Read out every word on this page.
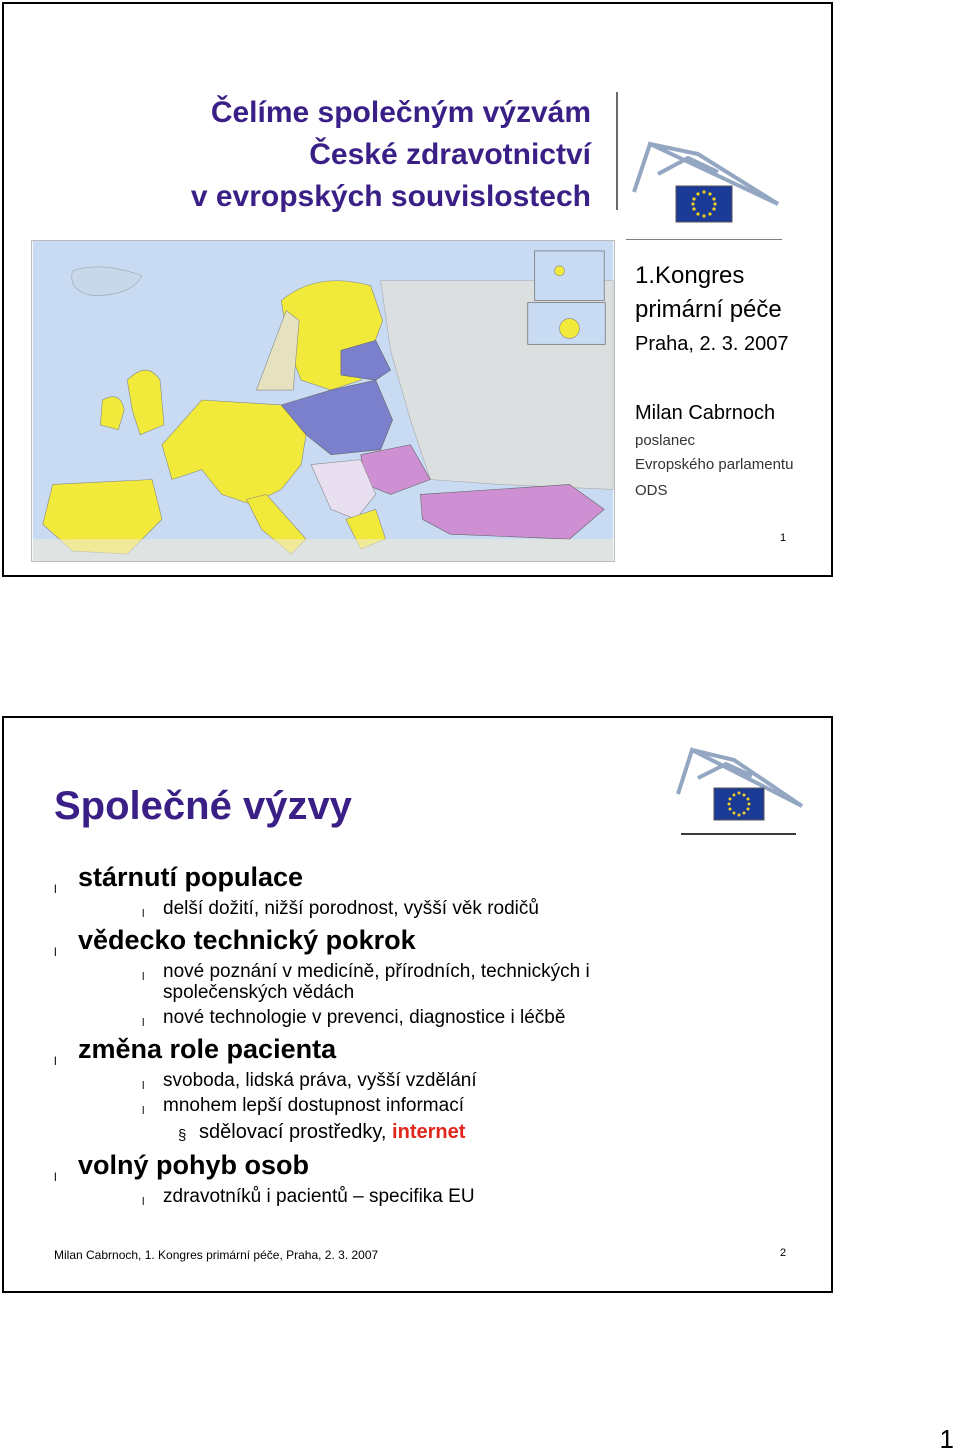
Čelíme společným výzvám
České zdravotnictví
v evropských souvislostech
1.Kongres
primární péče
Praha, 2. 3. 2007
Milan Cabrnoch
poslanec
Evropského parlamentu
ODS
1
Společné výzvy
l stárnutí populace
l delší dožití, nižší porodnost, vyšší věk rodičů
l vědecko technický pokrok
l nové poznání v medicíně, přírodních, technických i společenských vědách
l nové technologie v prevenci, diagnostice i léčbě
l změna role pacienta
l svoboda, lidská práva, vyšší vzdělání
l mnohem lepší dostupnost informací
§ sdělovací prostředky, internet
l volný pohyb osob
l zdravotníků i pacientů – specifika EU
Milan Cabrnoch, 1. Kongres primární péče, Praha, 2. 3. 2007	2
1
